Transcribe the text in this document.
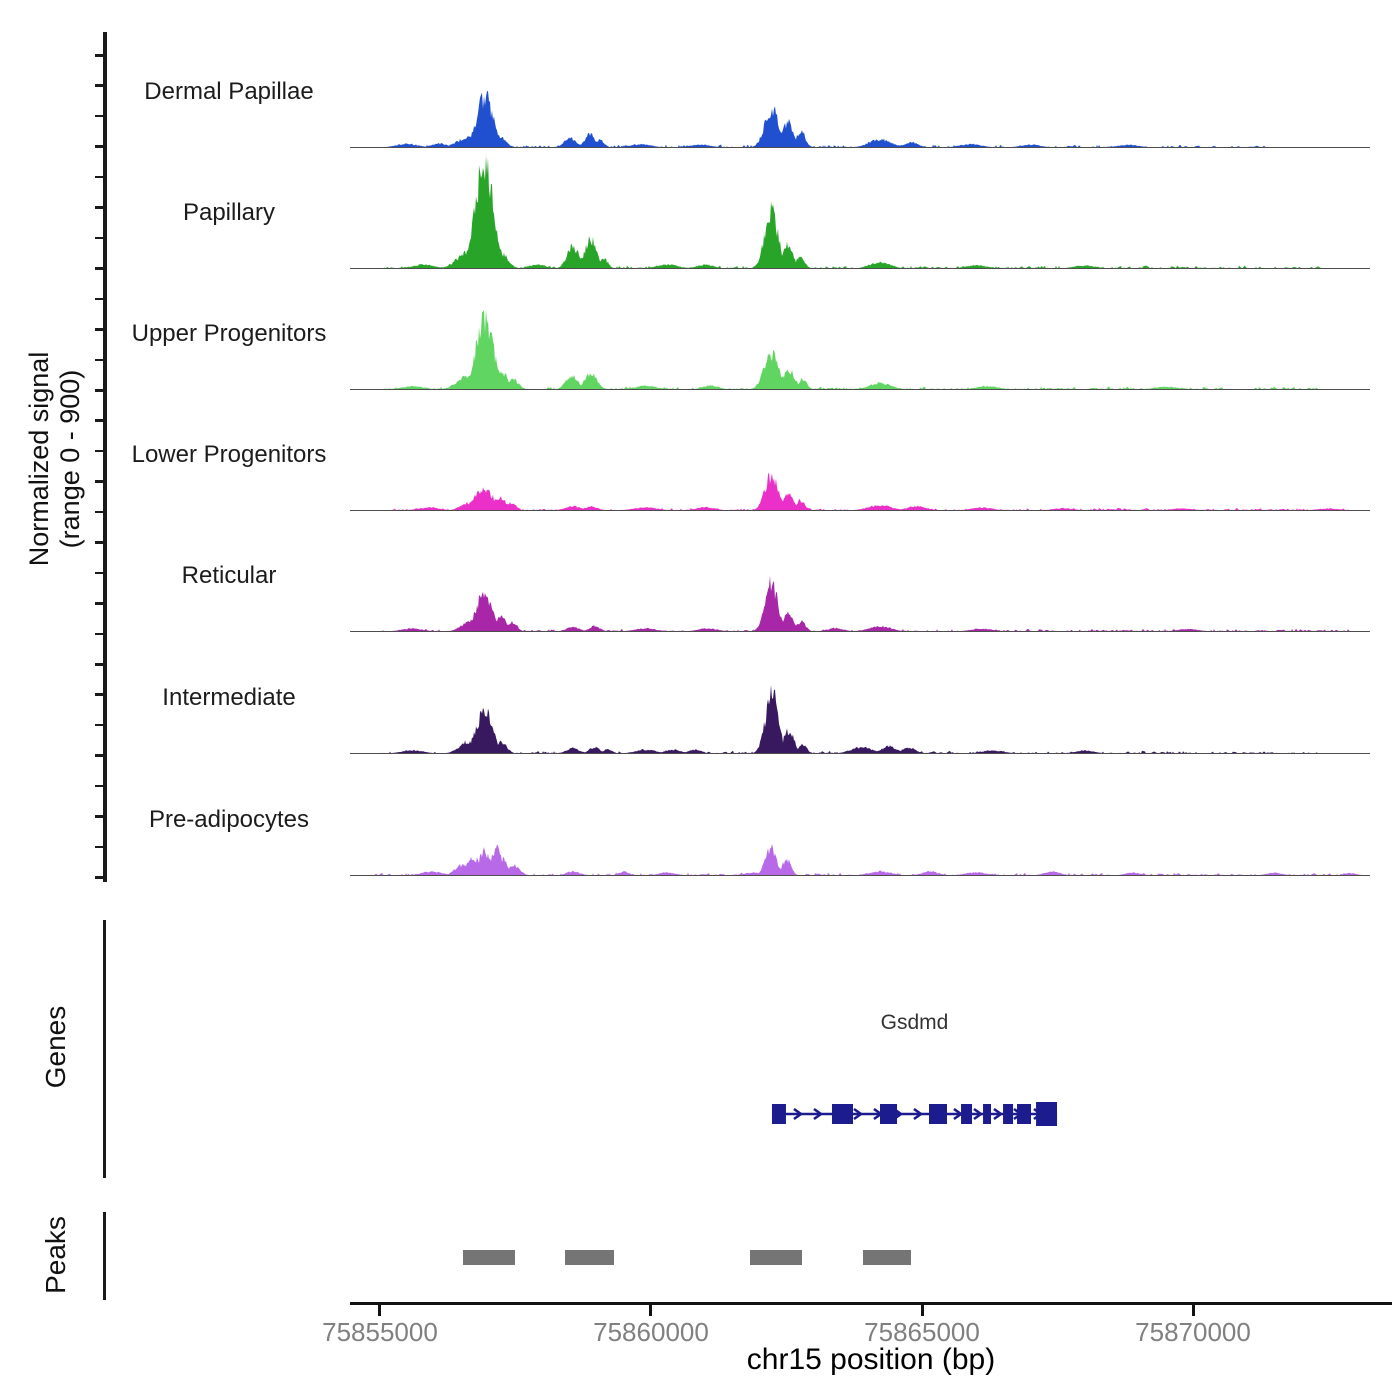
Normalized signal (range 0 - 900)
Dermal Papillae
Papillary
Upper Progenitors
Lower Progenitors
Reticular
Intermediate
Pre-adipocytes
Genes	Gsdmd
Peaks
75855000	75860000	75865000	75870000
chr15 position (bp)
